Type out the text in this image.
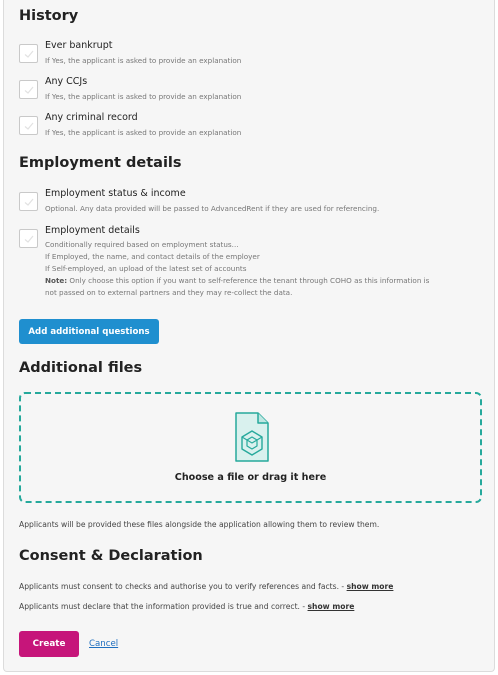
History
Ever bankrupt
If Yes, the applicant is asked to provide an explanation
Any CCJs
If Yes, the applicant is asked to provide an explanation
Any criminal record
If Yes, the applicant is asked to provide an explanation
Employment details
Employment status & income
Optional. Any data provided will be passed to AdvancedRent if they are used for referencing.
Employment details
Conditionally required based on employment status...
If Employed, the name, and contact details of the employer
If Self-employed, an upload of the latest set of accounts
Note: Only choose this option if you want to self-reference the tenant through COHO as this information is
not passed on to external partners and they may re-collect the data.
Add additional questions
Additional files
Choose a file or drag it here
Applicants will be provided these files alongside the application allowing them to review them.
Consent & Declaration
Applicants must consent to checks and authorise you to verify references and facts. - show more
Applicants must declare that the information provided is true and correct. - show more
Create	Cancel
